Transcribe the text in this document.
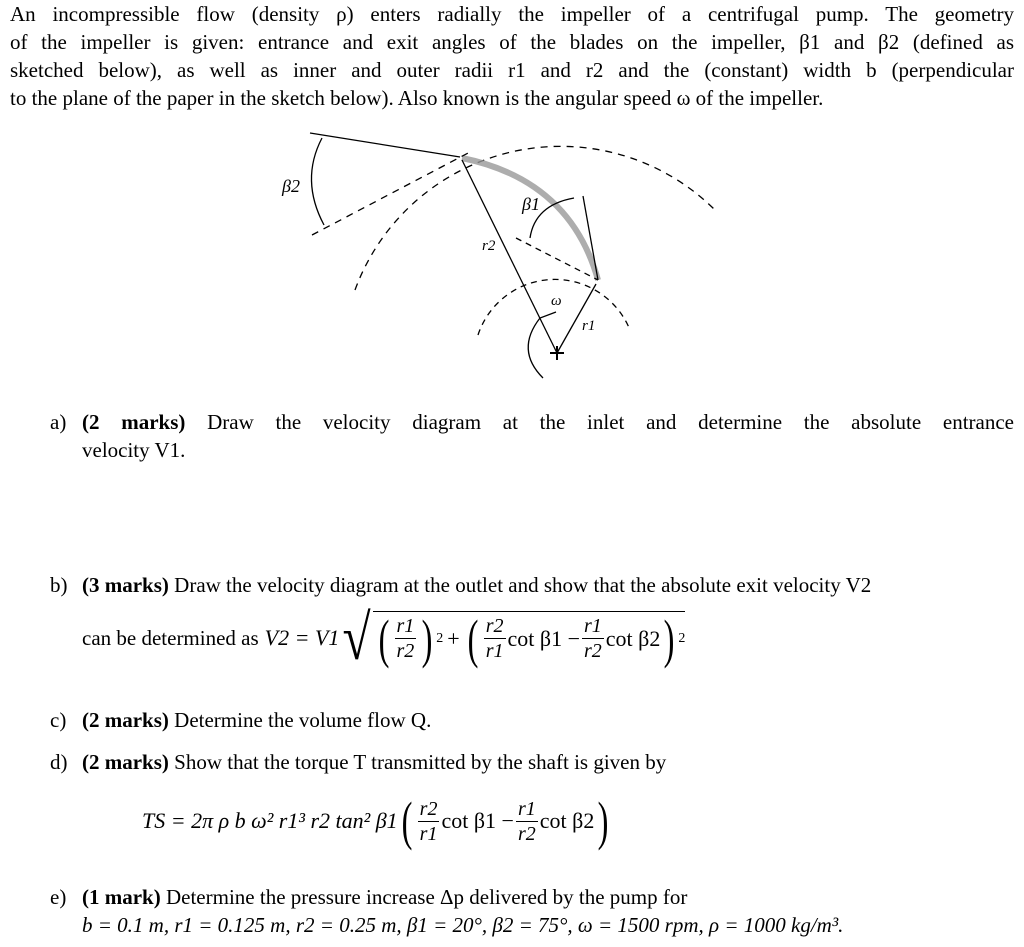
An incompressible flow (density ρ) enters radially the impeller of a centrifugal pump. The geometry
of the impeller is given: entrance and exit angles of the blades on the impeller, β1 and β2 (defined as
sketched below), as well as inner and outer radii r1 and r2 and the (constant) width b (perpendicular
to the plane of the paper in the sketch below). Also known is the angular speed ω of the impeller.
β2
β1
r2
ω
r1
a) (2 marks) Draw the velocity diagram at the inlet and determine the absolute entrance
velocity V1.
b) (3 marks) Draw the velocity diagram at the outlet and show that the absolute exit velocity V2
can be determined as V2 = V1 √ ( $\frac{r1}{r2}$ ) 2 + ( $\frac{r2}{r1}$ $\cot \beta 1 - \frac{r1}{r2}$ cot β2 ) 2
c) (2 marks) Determine the volume flow Q.
d) (2 marks) Show that the torque T transmitted by the shaft is given by
TS = 2π ρ b ω² r1³ r2 tan² β1 ( $\frac{r2}{r1}$ $\cot \beta 1 - \frac{r1}{r2}$ cot β2 )
e) (1 mark) Determine the pressure increase Δp delivered by the pump for
b = 0.1 m, r1 = 0.125 m, r2 = 0.25 m, β1 = 20°, β2 = 75°, ω = 1500 rpm, ρ = 1000 kg/m³.
